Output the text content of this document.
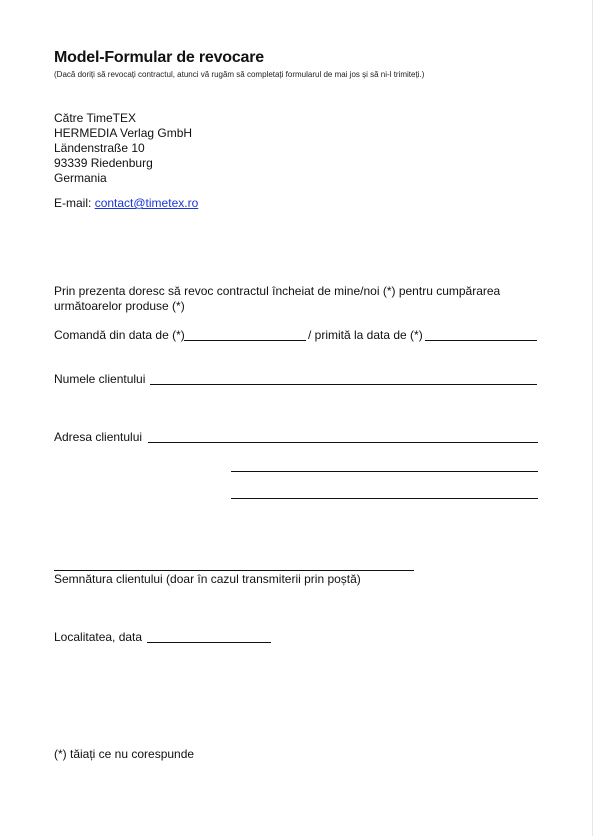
Model-Formular de revocare
(Dacă doriți să revocați contractul, atunci vă rugăm să completați formularul de mai jos și să ni-l trimiteți.)
Către TimeTEX
HERMEDIA Verlag GmbH
Ländenstraße 10
93339 Riedenburg
Germania
E-mail: contact@timetex.ro
Prin prezenta doresc să revoc contractul încheiat de mine/noi (*) pentru cumpărarea următoarelor produse (*)
Comandă din data de (*)	/ primită la data de (*)
Numele clientului
Adresa clientului
Semnătura clientului (doar în cazul transmiterii prin poștă)
Localitatea, data
(*) tăiați ce nu corespunde
